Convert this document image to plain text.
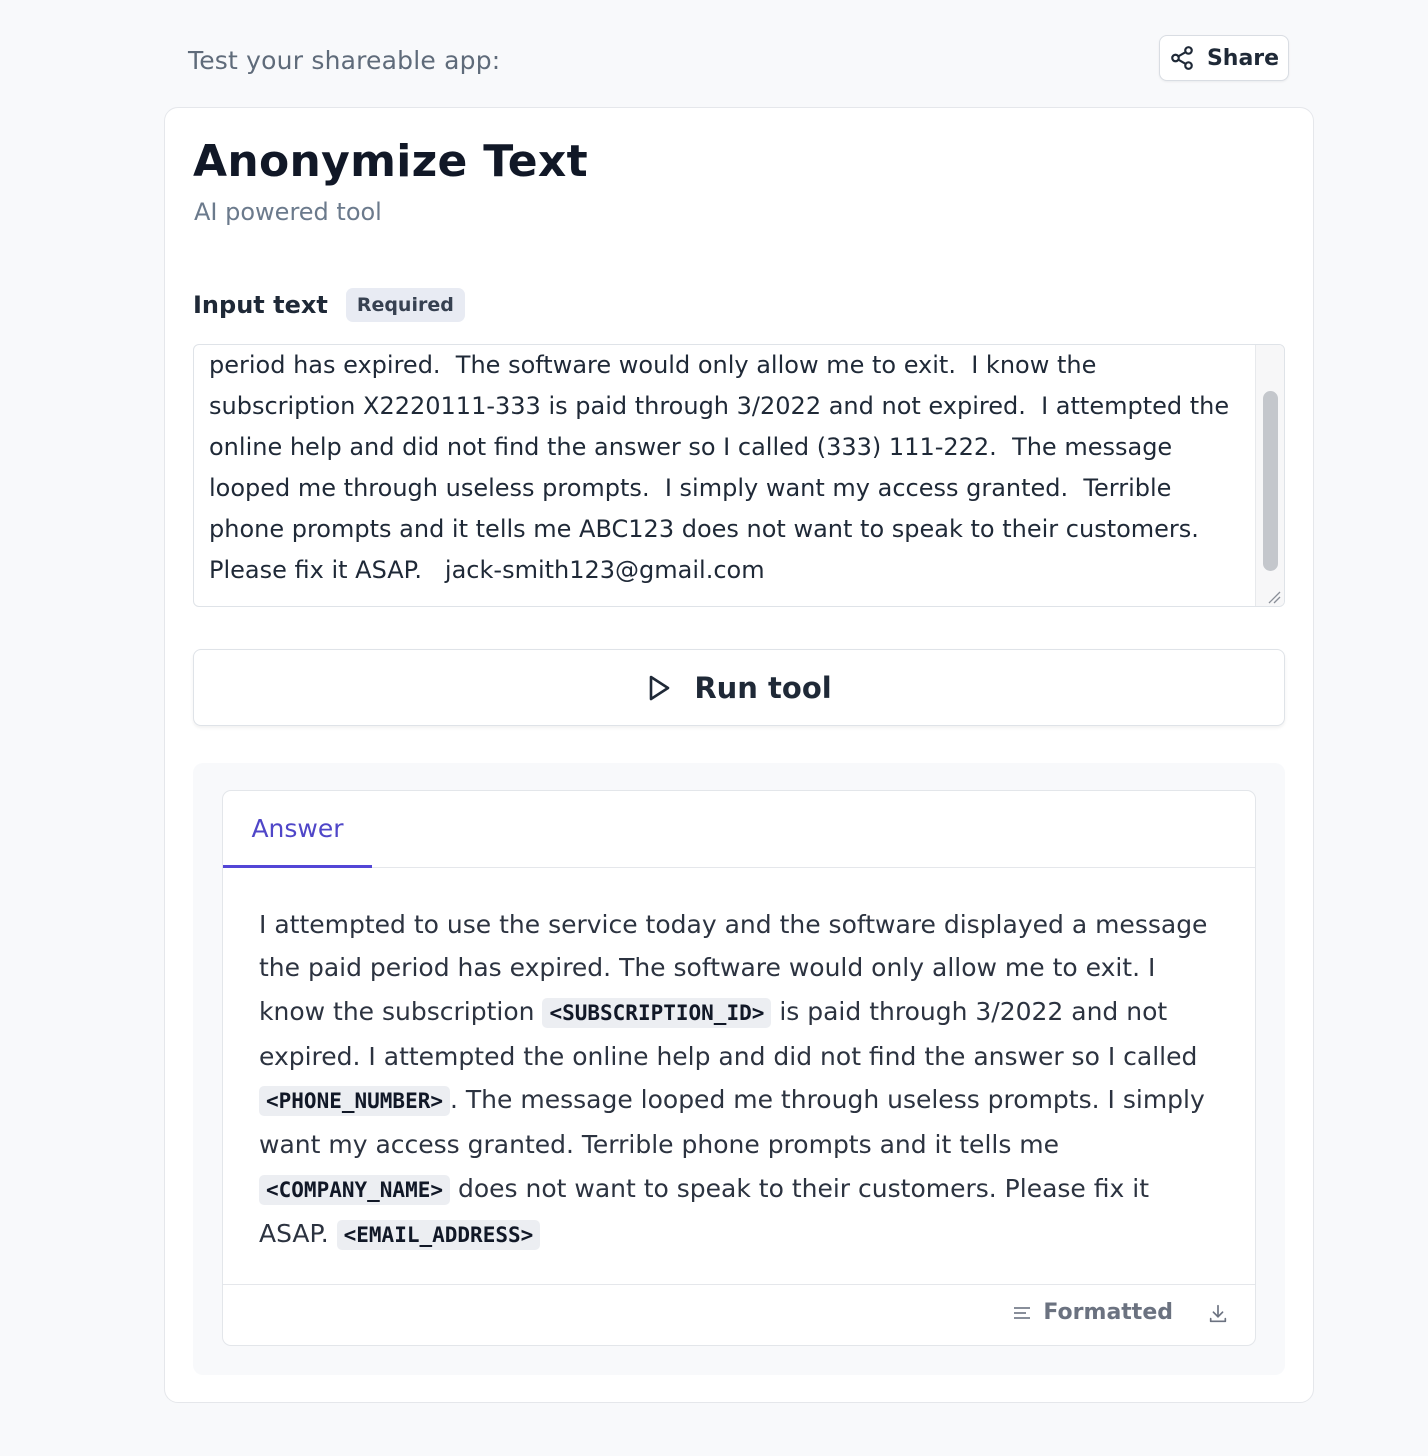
Test your shareable app:	Share
Anonymize Text
AI powered tool
Input text	Required
period has expired.  The software would only allow me to exit.  I know the
subscription X2220111-333 is paid through 3/2022 and not expired.  I attempted the
online help and did not find the answer so I called (333) 111-222.  The message
looped me through useless prompts.  I simply want my access granted.  Terrible
phone prompts and it tells me ABC123 does not want to speak to their customers.
Please fix it ASAP.   jack-smith123@gmail.com
Run tool
Answer
I attempted to use the service today and the software displayed a message the paid period has expired. The software would only allow me to exit. I know the subscription <SUBSCRIPTION_ID> is paid through 3/2022 and not expired. I attempted the online help and did not find the answer so I called <PHONE_NUMBER> . The message looped me through useless prompts. I simply want my access granted. Terrible phone prompts and it tells me <COMPANY_NAME> does not want to speak to their customers. Please fix it ASAP. <EMAIL_ADDRESS>
Formatted
